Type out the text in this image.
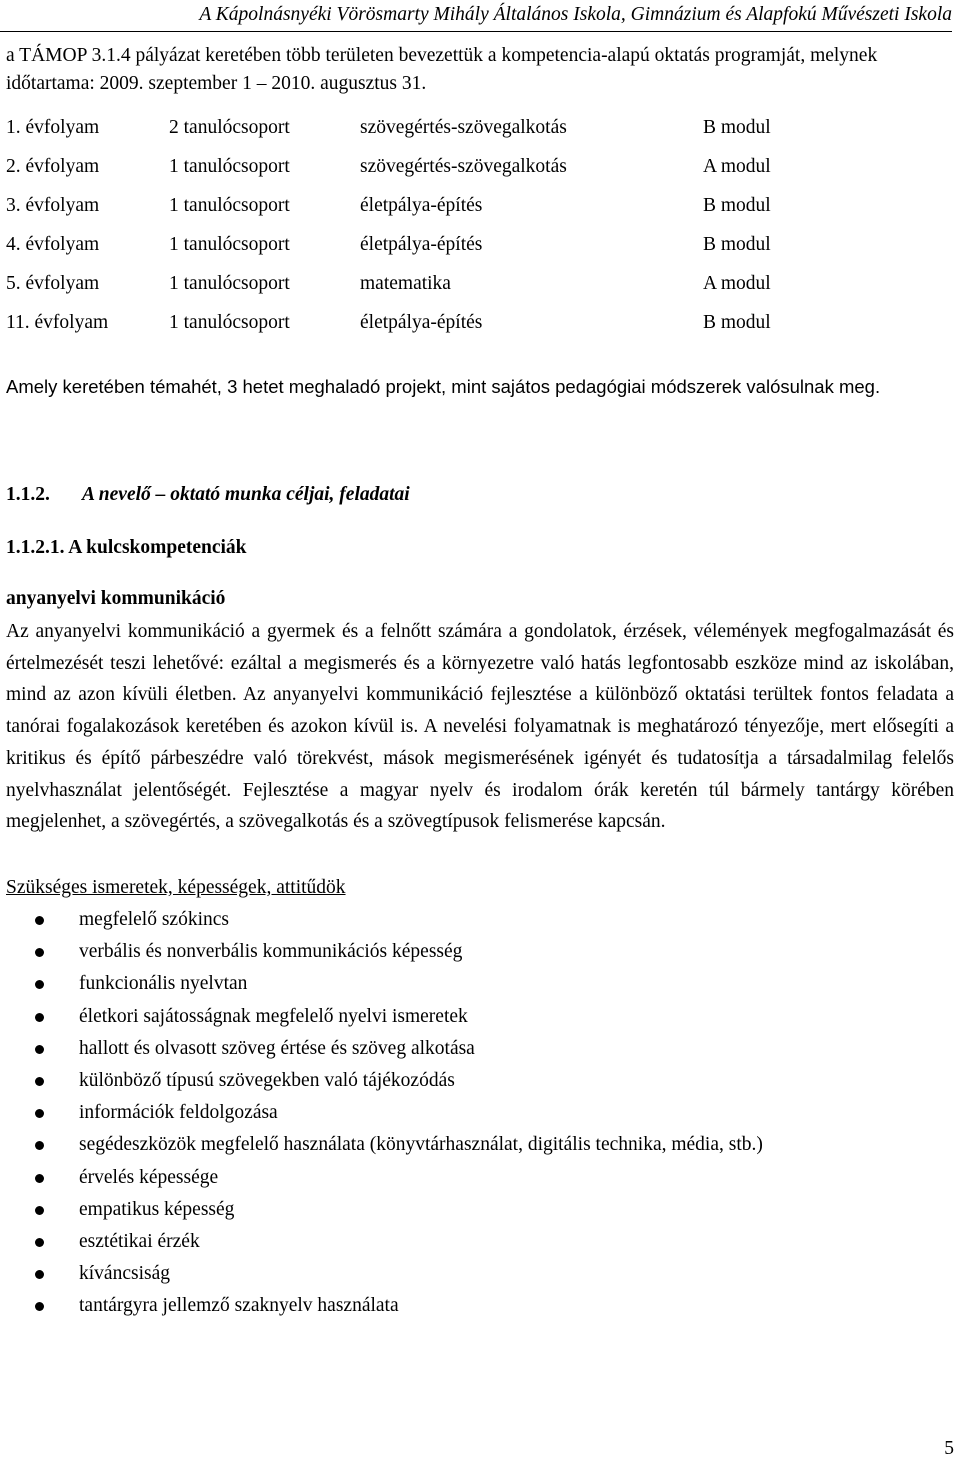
A Kápolnásnyéki Vörösmarty Mihály Általános Iskola, Gimnázium és Alapfokú Művészeti Iskola
a TÁMOP 3.1.4 pályázat keretében több területen bevezettük a kompetencia-alapú oktatás programját, melynek időtartama: 2009. szeptember 1 – 2010. augusztus 31.
1. évfolyam	2 tanulócsoport	szövegértés-szövegalkotás	B modul
2. évfolyam	1 tanulócsoport	szövegértés-szövegalkotás	A modul
3. évfolyam	1 tanulócsoport	életpálya-építés	B modul
4. évfolyam	1 tanulócsoport	életpálya-építés	B modul
5. évfolyam	1 tanulócsoport	matematika	A modul
11. évfolyam	1 tanulócsoport	életpálya-építés	B modul
Amely keretében témahét, 3 hetet meghaladó projekt, mint sajátos pedagógiai módszerek valósulnak meg.
1.1.2. A nevelő – oktató munka céljai, feladatai
1.1.2.1. A kulcskompetenciák
anyanyelvi kommunikáció
Az anyanyelvi kommunikáció a gyermek és a felnőtt számára a gondolatok, érzések, vélemények megfogalmazását és értelmezését teszi lehetővé: ezáltal a megismerés és a környezetre való hatás legfontosabb eszköze mind az iskolában, mind az azon kívüli életben. Az anyanyelvi kommunikáció fejlesztése a különböző oktatási terültek fontos feladata a tanórai fogalakozások keretében és azokon kívül is. A nevelési folyamatnak is meghatározó tényezője, mert elősegíti a kritikus és építő párbeszédre való törekvést, mások megismerésének igényét és tudatosítja a társadalmilag felelős nyelvhasználat jelentőségét. Fejlesztése a magyar nyelv és irodalom órák keretén túl bármely tantárgy körében megjelenhet, a szövegértés, a szövegalkotás és a szövegtípusok felismerése kapcsán.
Szükséges ismeretek, képességek, attitűdök
megfelelő szókincs
verbális és nonverbális kommunikációs képesség
funkcionális nyelvtan
életkori sajátosságnak megfelelő nyelvi ismeretek
hallott és olvasott szöveg értése és szöveg alkotása
különböző típusú szövegekben való tájékozódás
információk feldolgozása
segédeszközök megfelelő használata (könyvtárhasználat, digitális technika, média, stb.)
érvelés képessége
empatikus képesség
esztétikai érzék
kíváncsiság
tantárgyra jellemző szaknyelv használata
5
